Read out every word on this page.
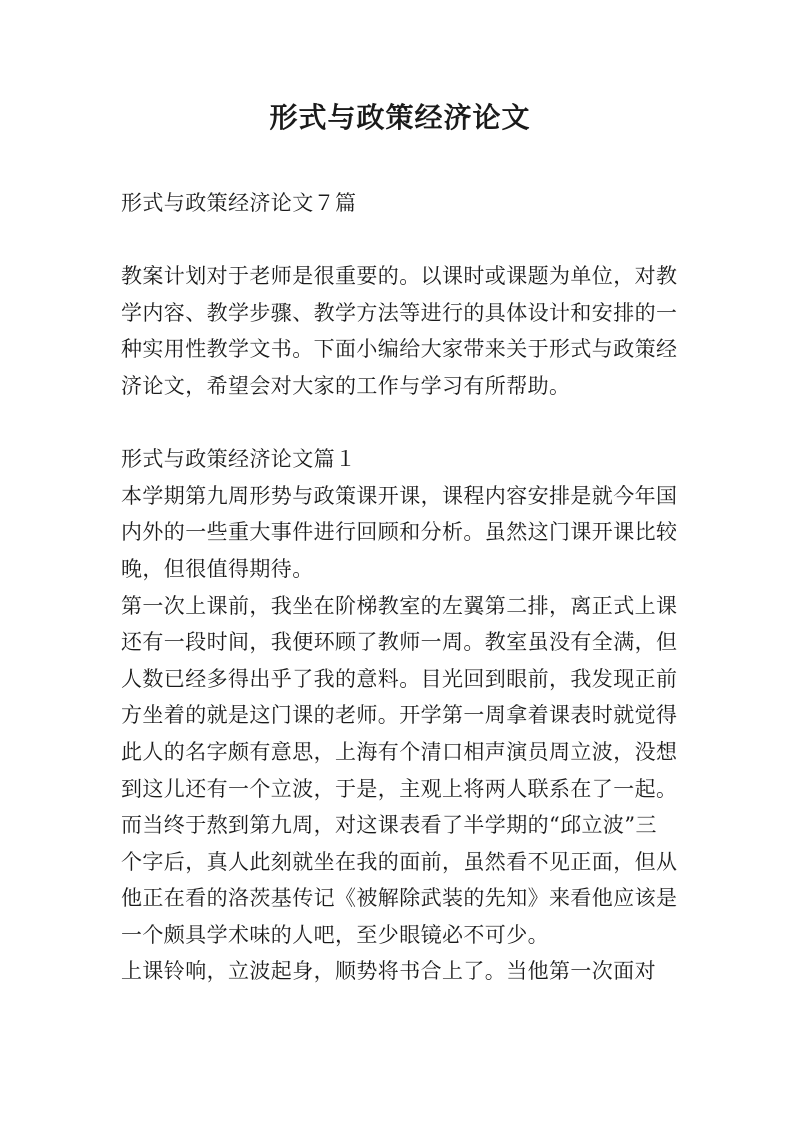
形式与政策经济论文

形式与政策经济论文７篇

教案计划对于老师是很重要的。以课时或课题为单位，对教

学内容、教学步骤、教学方法等进行的具体设计和安排的一

种实用性教学文书。下面小编给大家带来关于形式与政策经

济论文，希望会对大家的工作与学习有所帮助。

形式与政策经济论文篇１

本学期第九周形势与政策课开课，课程内容安排是就今年国

内外的一些重大事件进行回顾和分析。虽然这门课开课比较

晚，但很值得期待。

第一次上课前，我坐在阶梯教室的左翼第二排，离正式上课

还有一段时间，我便环顾了教师一周。教室虽没有全满，但

人数已经多得出乎了我的意料。目光回到眼前，我发现正前

方坐着的就是这门课的老师。开学第一周拿着课表时就觉得

此人的名字颇有意思，上海有个清口相声演员周立波，没想

到这儿还有一个立波，于是，主观上将两人联系在了一起。

而当终于熬到第九周，对这课表看了半学期的“邱立波”三

个字后，真人此刻就坐在我的面前，虽然看不见正面，但从

他正在看的洛茨基传记《被解除武装的先知》来看他应该是

一个颇具学术味的人吧，至少眼镜必不可少。

上课铃响，立波起身，顺势将书合上了。当他第一次面对
